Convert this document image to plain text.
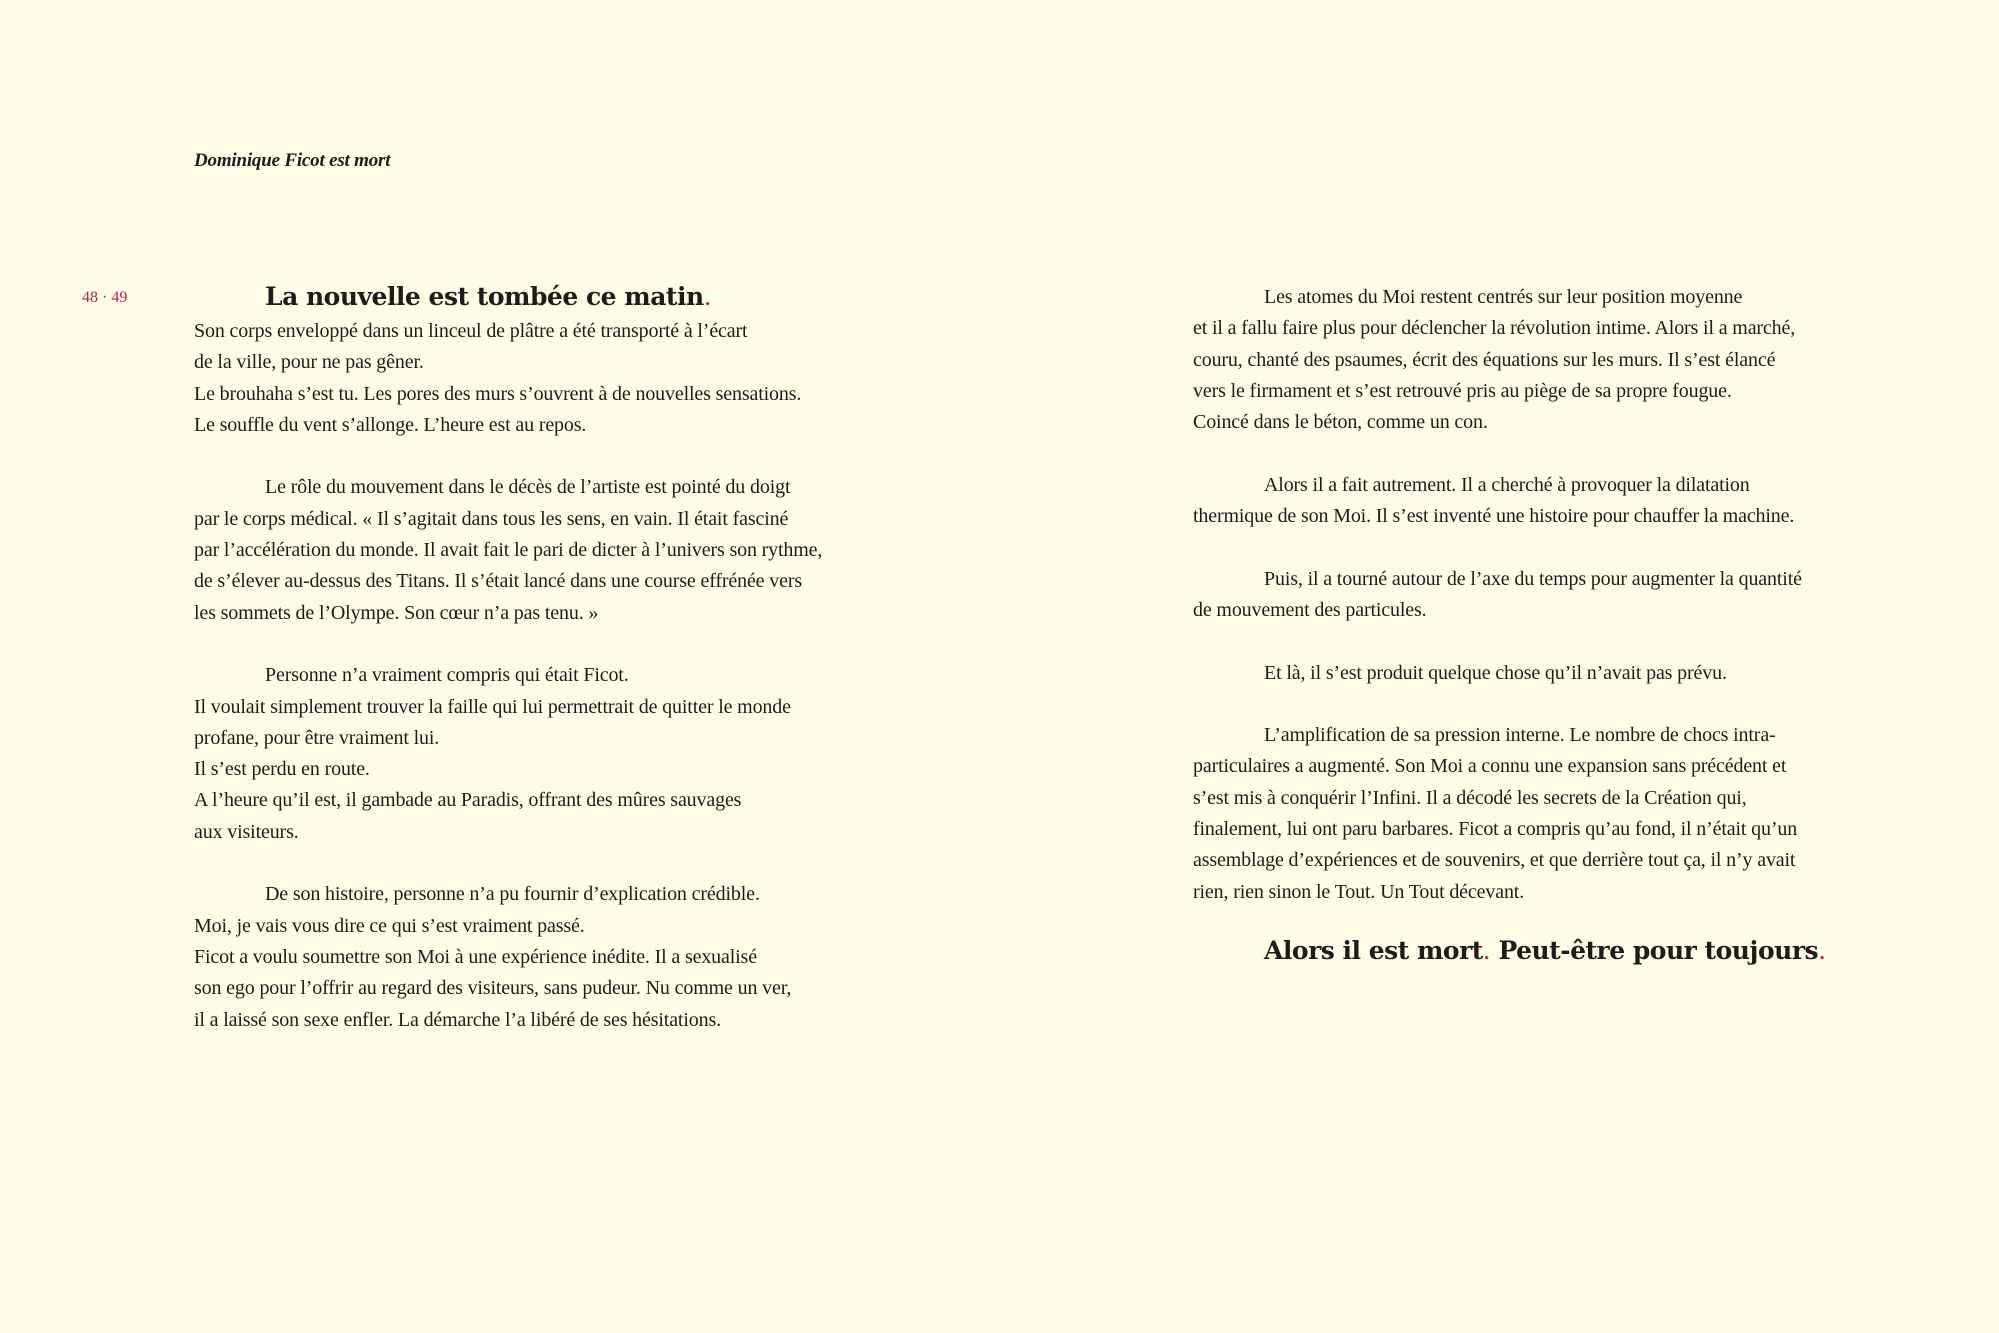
Dominique Ficot est mort
48 · 49	La nouvelle est tombée ce matin.
Son corps enveloppé dans un linceul de plâtre a été transporté à l’écart
de la ville, pour ne pas gêner.
Le brouhaha s’est tu. Les pores des murs s’ouvrent à de nouvelles sensations.
Le souffle du vent s’allonge. L’heure est au repos.
Le rôle du mouvement dans le décès de l’artiste est pointé du doigt
par le corps médical. « Il s’agitait dans tous les sens, en vain. Il était fasciné
par l’accélération du monde. Il avait fait le pari de dicter à l’univers son rythme,
de s’élever au-dessus des Titans. Il s’était lancé dans une course effrénée vers
les sommets de l’Olympe. Son cœur n’a pas tenu. »
Personne n’a vraiment compris qui était Ficot.
Il voulait simplement trouver la faille qui lui permettrait de quitter le monde
profane, pour être vraiment lui.
Il s’est perdu en route.
A l’heure qu’il est, il gambade au Paradis, offrant des mûres sauvages
aux visiteurs.
De son histoire, personne n’a pu fournir d’explication crédible.
Moi, je vais vous dire ce qui s’est vraiment passé.
Ficot a voulu soumettre son Moi à une expérience inédite. Il a sexualisé
son ego pour l’offrir au regard des visiteurs, sans pudeur. Nu comme un ver,
il a laissé son sexe enfler. La démarche l’a libéré de ses hésitations.
Les atomes du Moi restent centrés sur leur position moyenne
et il a fallu faire plus pour déclencher la révolution intime. Alors il a marché,
couru, chanté des psaumes, écrit des équations sur les murs. Il s’est élancé
vers le firmament et s’est retrouvé pris au piège de sa propre fougue.
Coincé dans le béton, comme un con.
Alors il a fait autrement. Il a cherché à provoquer la dilatation
thermique de son Moi. Il s’est inventé une histoire pour chauffer la machine.
Puis, il a tourné autour de l’axe du temps pour augmenter la quantité
de mouvement des particules.
Et là, il s’est produit quelque chose qu’il n’avait pas prévu.
L’amplification de sa pression interne. Le nombre de chocs intra-
particulaires a augmenté. Son Moi a connu une expansion sans précédent et
s’est mis à conquérir l’Infini. Il a décodé les secrets de la Création qui,
finalement, lui ont paru barbares. Ficot a compris qu’au fond, il n’était qu’un
assemblage d’expériences et de souvenirs, et que derrière tout ça, il n’y avait
rien, rien sinon le Tout. Un Tout décevant.
Alors il est mort. Peut-être pour toujours.
